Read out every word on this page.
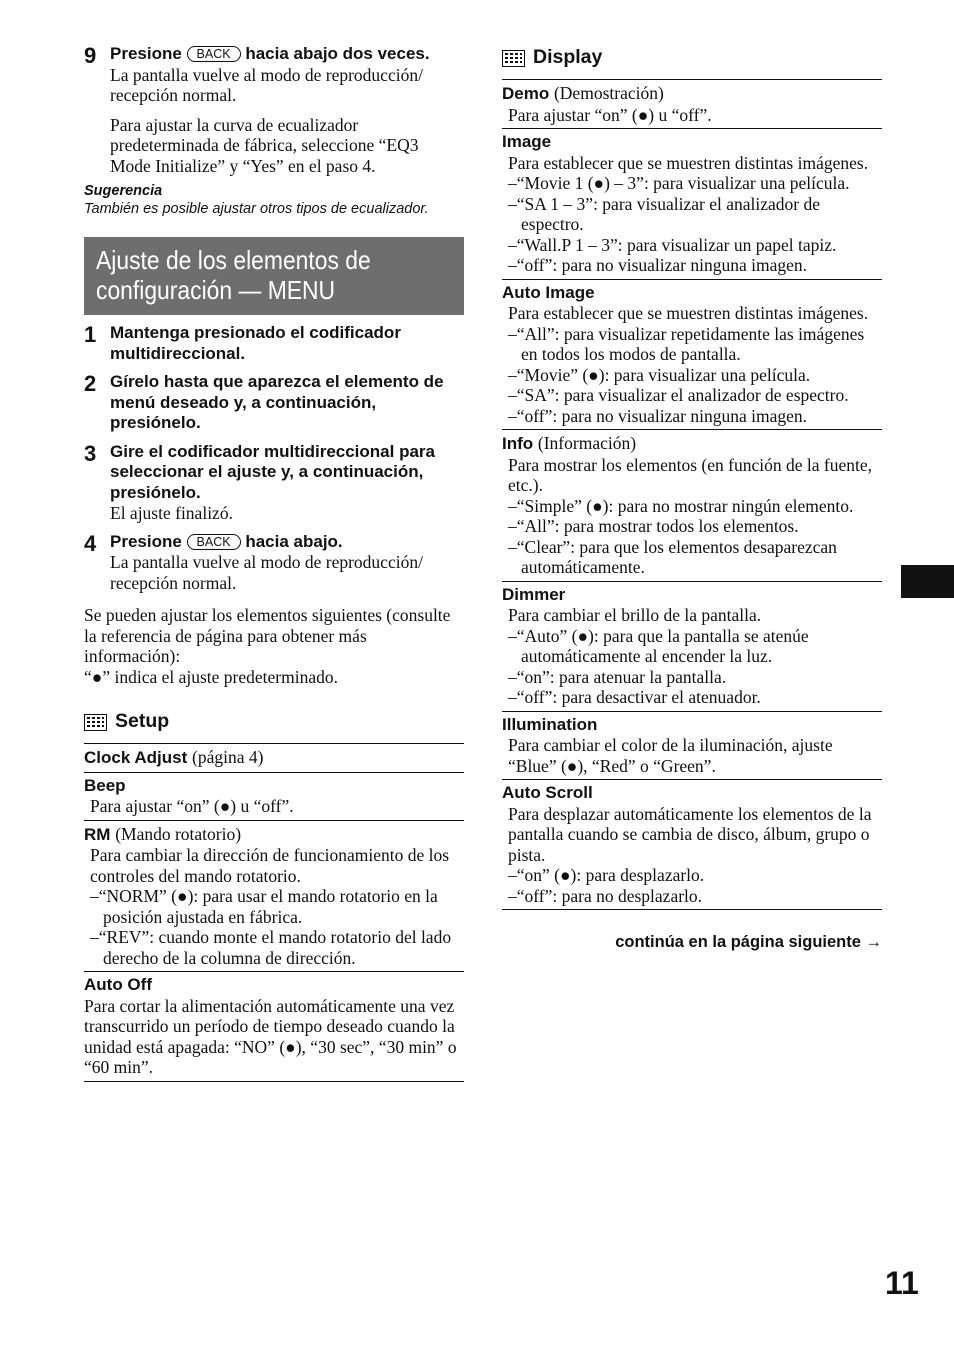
9 Presione BACK hacia abajo dos veces.
La pantalla vuelve al modo de reproducción/ recepción normal.
Para ajustar la curva de ecualizador predeterminada de fábrica, seleccione “EQ3 Mode Initialize” y “Yes” en el paso 4.
Sugerencia
También es posible ajustar otros tipos de ecualizador.
Ajuste de los elementos de
configuración — MENU
1 Mantenga presionado el codificador multidireccional.
2 Gírelo hasta que aparezca el elemento de menú deseado y, a continuación, presiónelo.
3 Gire el codificador multidireccional para seleccionar el ajuste y, a continuación, presiónelo.
El ajuste finalizó.
4 Presione BACK hacia abajo.
La pantalla vuelve al modo de reproducción/ recepción normal.
Se pueden ajustar los elementos siguientes (consulte la referencia de página para obtener más información):
“●” indica el ajuste predeterminado.
Setup
Clock Adjust (página 4)
Beep
Para ajustar “on” (●) u “off”.
RM (Mando rotatorio)
Para cambiar la dirección de funcionamiento de los controles del mando rotatorio.
–“NORM” (●): para usar el mando rotatorio en la posición ajustada en fábrica.
–“REV”: cuando monte el mando rotatorio del lado derecho de la columna de dirección.
Auto Off
Para cortar la alimentación automáticamente una vez transcurrido un período de tiempo deseado cuando la unidad está apagada: “NO” (●), “30 sec”, “30 min” o “60 min”.
Display
Demo (Demostración)
Para ajustar “on” (●) u “off”.
Image
Para establecer que se muestren distintas imágenes.
–“Movie 1 (●) – 3”: para visualizar una película.
–“SA 1 – 3”: para visualizar el analizador de espectro.
–“Wall.P 1 – 3”: para visualizar un papel tapiz.
–“off”: para no visualizar ninguna imagen.
Auto Image
Para establecer que se muestren distintas imágenes.
–“All”: para visualizar repetidamente las imágenes en todos los modos de pantalla.
–“Movie” (●): para visualizar una película.
–“SA”: para visualizar el analizador de espectro.
–“off”: para no visualizar ninguna imagen.
Info (Información)
Para mostrar los elementos (en función de la fuente, etc.).
–“Simple” (●): para no mostrar ningún elemento.
–“All”: para mostrar todos los elementos.
–“Clear”: para que los elementos desaparezcan automáticamente.
Dimmer
Para cambiar el brillo de la pantalla.
–“Auto” (●): para que la pantalla se atenúe automáticamente al encender la luz.
–“on”: para atenuar la pantalla.
–“off”: para desactivar el atenuador.
Illumination
Para cambiar el color de la iluminación, ajuste “Blue” (●), “Red” o “Green”.
Auto Scroll
Para desplazar automáticamente los elementos de la pantalla cuando se cambia de disco, álbum, grupo o pista.
–“on” (●): para desplazarlo.
–“off”: para no desplazarlo.
continúa en la página siguiente →
11
